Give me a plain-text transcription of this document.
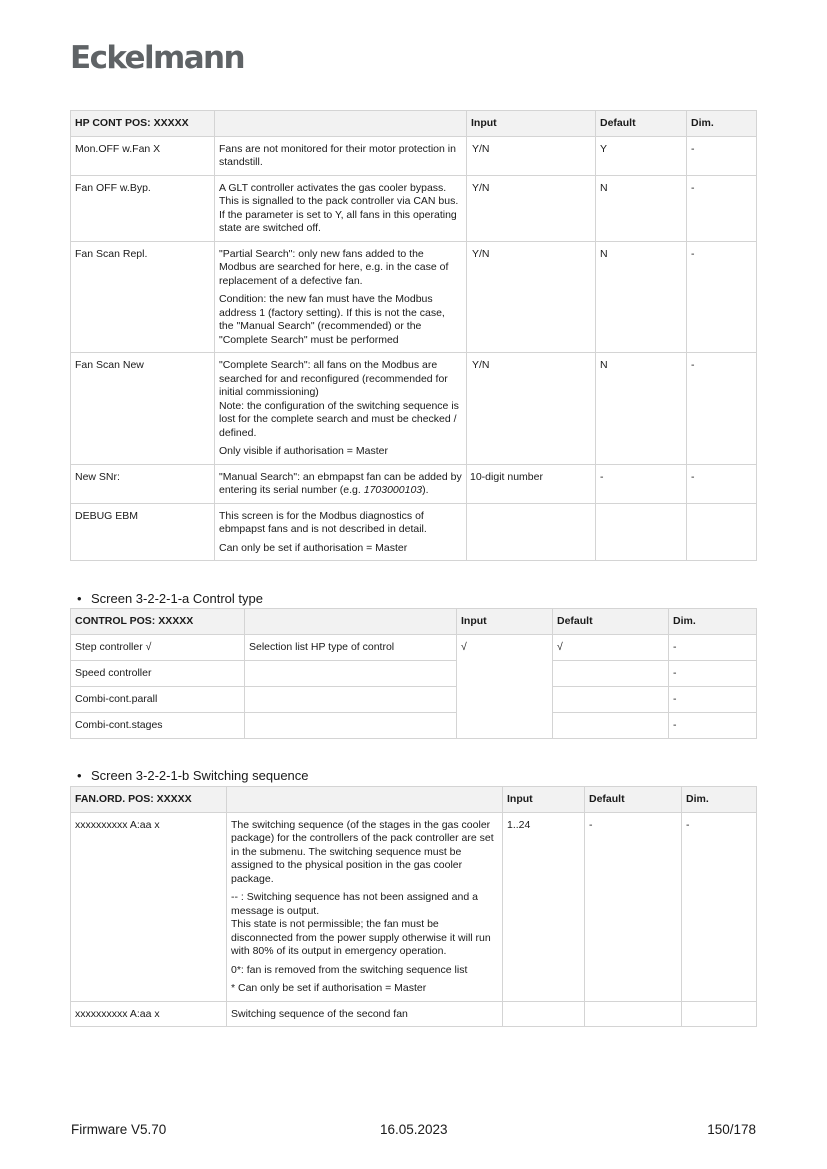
Eckelmann
HP CONT POS: XXXXX		Input	Default	Dim.
Mon.OFF w.Fan X	Fans are not monitored for their motor protection in standstill.	Y/N	Y	-
Fan OFF w.Byp.	A GLT controller activates the gas cooler bypass. This is signalled to the pack controller via CAN bus. If the parameter is set to Y, all fans in this operating state are switched off.	Y/N	N	-
Fan Scan Repl.	"Partial Search": only new fans added to the Modbus are searched for here, e.g. in the case of replacement of a defective fan.

Condition: the new fan must have the Modbus address 1 (factory setting). If this is not the case, the "Manual Search" (recommended) or the "Complete Search" must be performed	Y/N	N	-
Fan Scan New	"Complete Search": all fans on the Modbus are searched for and reconfigured (recommended for initial commissioning)
Note: the configuration of the switching sequence is lost for the complete search and must be checked / defined.

Only visible if authorisation = Master	Y/N	N	-
New SNr:	"Manual Search": an ebmpapst fan can be added by entering its serial number (e.g. 1703000103).	10-digit number	-	-
DEBUG EBM	This screen is for the Modbus diagnostics of ebmpapst fans and is not described in detail.

Can only be set if authorisation = Master			

• Screen 3-2-2-1-a Control type
CONTROL POS: XXXXX		Input	Default	Dim.
Step controller √	Selection list HP type of control	√	√	-
Speed controller				-
Combi-cont.parall				-
Combi-cont.stages				-
• Screen 3-2-2-1-b Switching sequence
FAN.ORD. POS: XXXXX		Input	Default	Dim.
xxxxxxxxxx A:aa x	The switching sequence (of the stages in the gas cooler package) for the controllers of the pack controller are set in the submenu. The switching sequence must be assigned to the physical position in the gas cooler package.

-- : Switching sequence has not been assigned and a message is output.
This state is not permissible; the fan must be disconnected from the power supply otherwise it will run with 80% of its output in emergency operation.

0*: fan is removed from the switching sequence list

* Can only be set if authorisation = Master	1..24	-	-
xxxxxxxxxx A:aa x	Switching sequence of the second fan			

Firmware V5.70	16.05.2023	150/178
